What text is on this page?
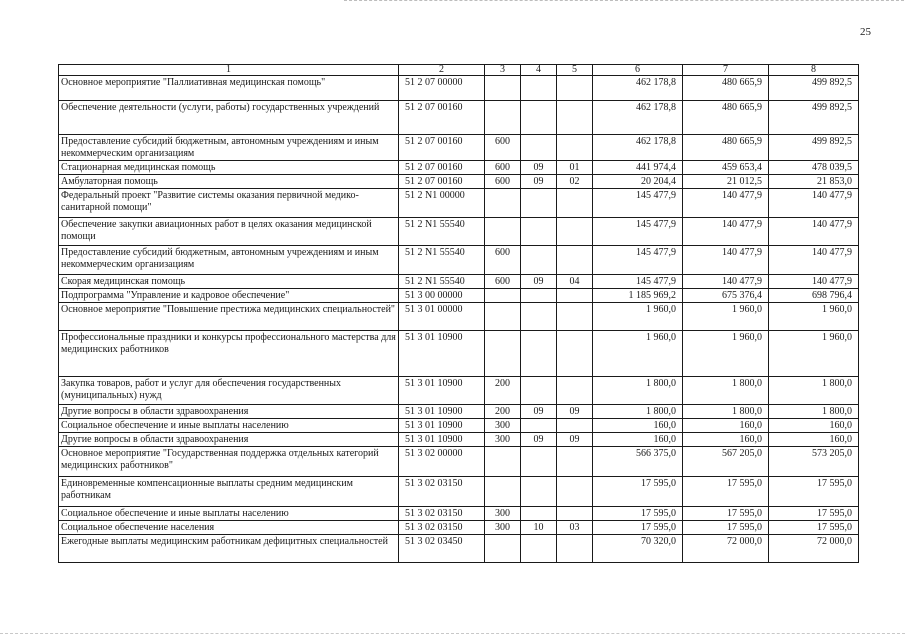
25
1	2	3	4	5	6	7	8
Основное мероприятие "Паллиативная медицинская помощь"	51 2 07 00000				462 178,8	480 665,9	499 892,5
Обеспечение деятельности (услуги, работы) государственных учреждений	51 2 07 00160				462 178,8	480 665,9	499 892,5
Предоставление субсидий бюджетным, автономным учреждениям и иным некоммерческим организациям	51 2 07 00160	600			462 178,8	480 665,9	499 892,5
Стационарная медицинская помощь	51 2 07 00160	600	09	01	441 974,4	459 653,4	478 039,5
Амбулаторная помощь	51 2 07 00160	600	09	02	20 204,4	21 012,5	21 853,0
Федеральный проект "Развитие системы оказания первичной медико-санитарной помощи"	51 2 N1 00000				145 477,9	140 477,9	140 477,9
Обеспечение закупки авиационных работ в целях оказания медицинской помощи	51 2 N1 55540				145 477,9	140 477,9	140 477,9
Предоставление субсидий бюджетным, автономным учреждениям и иным некоммерческим организациям	51 2 N1 55540	600			145 477,9	140 477,9	140 477,9
Скорая медицинская помощь	51 2 N1 55540	600	09	04	145 477,9	140 477,9	140 477,9
Подпрограмма "Управление и кадровое обеспечение"	51 3 00 00000				1 185 969,2	675 376,4	698 796,4
Основное мероприятие "Повышение престижа медицинских специальностей"	51 3 01 00000				1 960,0	1 960,0	1 960,0
Профессиональные праздники и конкурсы профессионального мастерства для медицинских работников	51 3 01 10900				1 960,0	1 960,0	1 960,0
Закупка товаров, работ и услуг для обеспечения государственных (муниципальных) нужд	51 3 01 10900	200			1 800,0	1 800,0	1 800,0
Другие вопросы в области здравоохранения	51 3 01 10900	200	09	09	1 800,0	1 800,0	1 800,0
Социальное обеспечение и иные выплаты населению	51 3 01 10900	300			160,0	160,0	160,0
Другие вопросы в области здравоохранения	51 3 01 10900	300	09	09	160,0	160,0	160,0
Основное мероприятие "Государственная поддержка отдельных категорий медицинских работников"	51 3 02 00000				566 375,0	567 205,0	573 205,0
Единовременные компенсационные выплаты средним медицинским работникам	51 3 02 03150				17 595,0	17 595,0	17 595,0
Социальное обеспечение и иные выплаты населению	51 3 02 03150	300			17 595,0	17 595,0	17 595,0
Социальное обеспечение населения	51 3 02 03150	300	10	03	17 595,0	17 595,0	17 595,0
Ежегодные выплаты медицинским работникам дефицитных специальностей	51 3 02 03450				70 320,0	72 000,0	72 000,0
